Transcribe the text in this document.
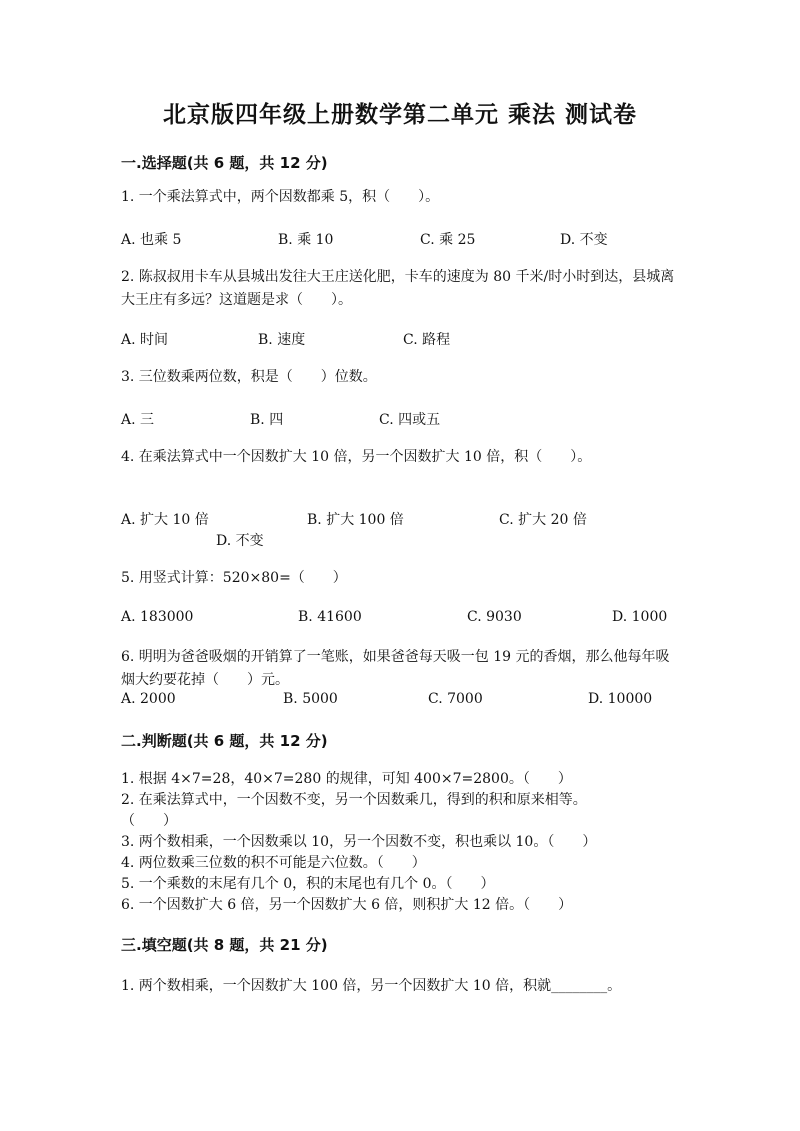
北京版四年级上册数学第二单元 乘法 测试卷

一.选择题(共 6 题，共 12 分)

1. 一个乘法算式中，两个因数都乘 5，积（　　）。

A. 也乘 5	B. 乘 10	C. 乘 25	D. 不变

2. 陈叔叔用卡车从县城出发往大王庄送化肥，卡车的速度为 80 千米/时小时到达，县城离大王庄有多远？这道题是求（　　）。

A. 时间	B. 速度	C. 路程

3. 三位数乘两位数，积是（　　）位数。

A. 三	B. 四	C. 四或五

4. 在乘法算式中一个因数扩大 10 倍，另一个因数扩大 10 倍，积（　　）。

A. 扩大 10 倍	B. 扩大 100 倍	C. 扩大 20 倍
D. 不变

5. 用竖式计算：520×80=（　　）

A. 183000	B. 41600	C. 9030	D. 1000

6. 明明为爸爸吸烟的开销算了一笔账，如果爸爸每天吸一包 19 元的香烟，那么他每年吸烟大约要花掉（　　）元。

A. 2000	B. 5000	C. 7000	D. 10000

二.判断题(共 6 题，共 12 分)

1. 根据 4×7=28，40×7=280 的规律，可知 400×7=2800。（　　）
2. 在乘法算式中，一个因数不变，另一个因数乘几，得到的积和原来相等。
（　　）
3. 两个数相乘，一个因数乘以 10，另一个因数不变，积也乘以 10。（　　）
4. 两位数乘三位数的积不可能是六位数。（　　）
5. 一个乘数的末尾有几个 0，积的末尾也有几个 0。（　　）
6. 一个因数扩大 6 倍，另一个因数扩大 6 倍，则积扩大 12 倍。（　　）

三.填空题(共 8 题，共 21 分)

1. 两个数相乘，一个因数扩大 100 倍，另一个因数扩大 10 倍，积就________。
